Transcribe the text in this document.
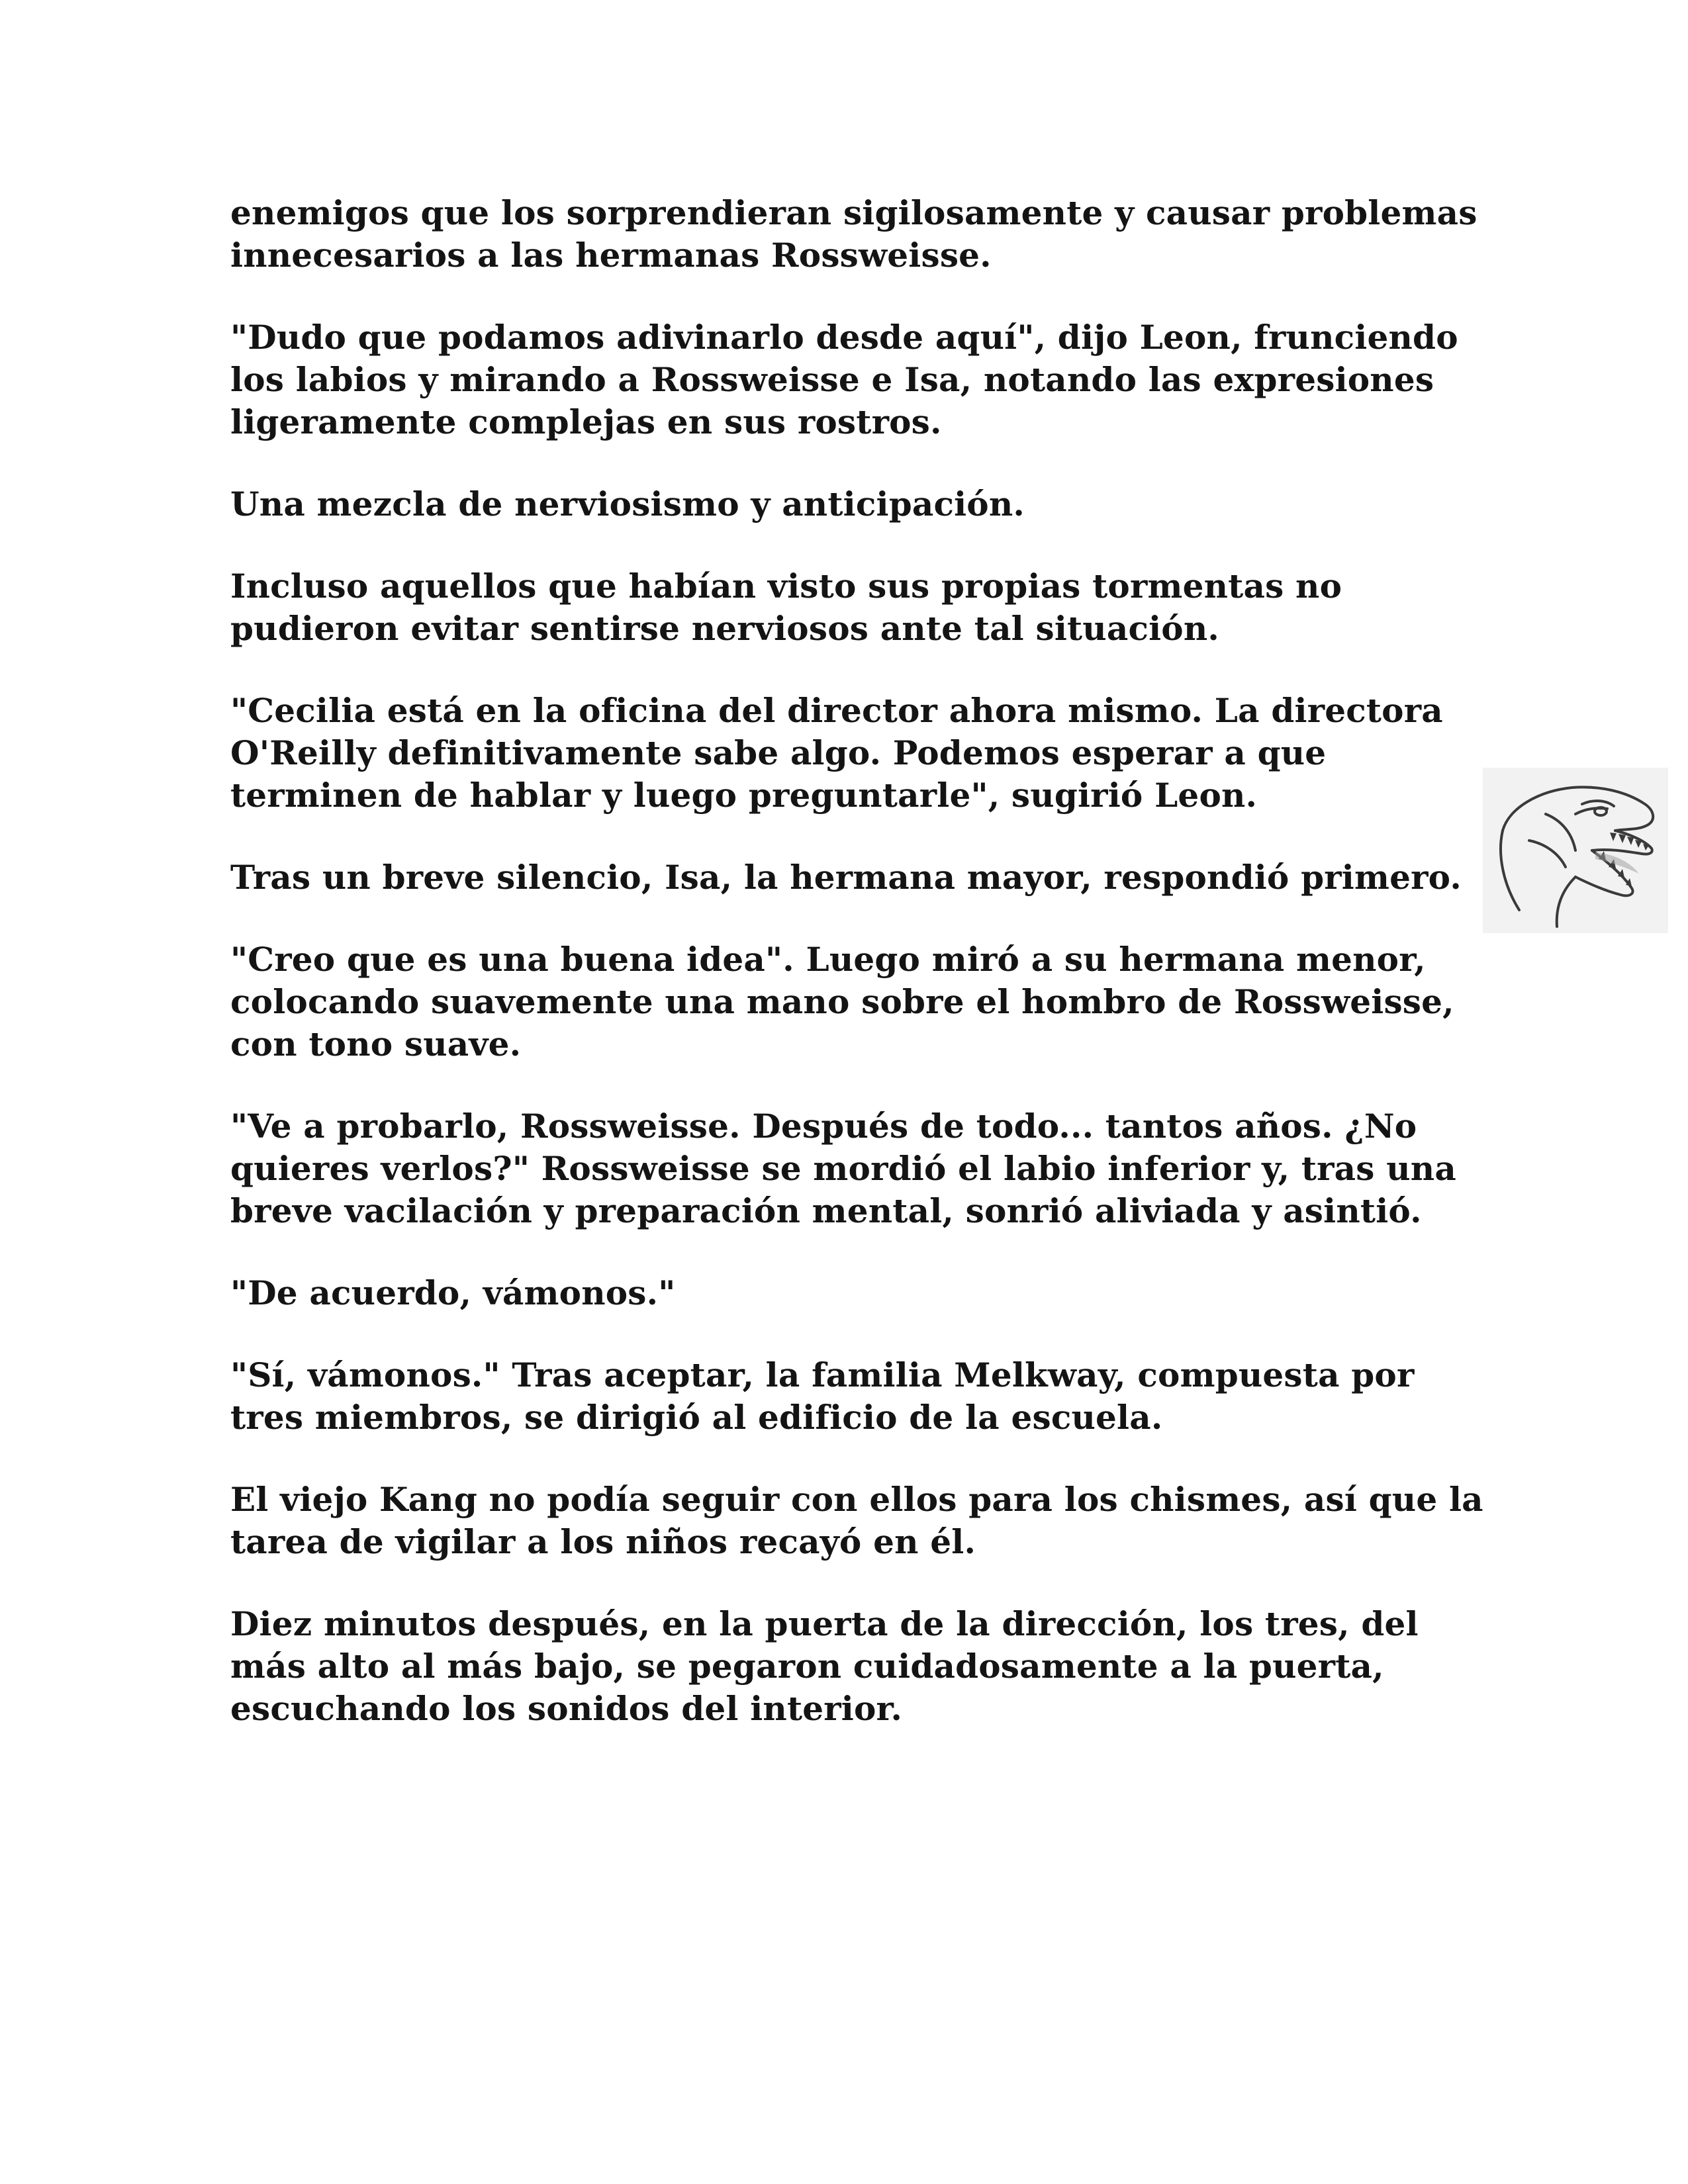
enemigos que los sorprendieran sigilosamente y causar problemas innecesarios a las hermanas Rossweisse.

"Dudo que podamos adivinarlo desde aquí", dijo Leon, frunciendo los labios y mirando a Rossweisse e Isa, notando las expresiones ligeramente complejas en sus rostros.

Una mezcla de nerviosismo y anticipación.

Incluso aquellos que habían visto sus propias tormentas no pudieron evitar sentirse nerviosos ante tal situación.

"Cecilia está en la oficina del director ahora mismo. La directora O'Reilly definitivamente sabe algo. Podemos esperar a que terminen de hablar y luego preguntarle", sugirió Leon.

Tras un breve silencio, Isa, la hermana mayor, respondió primero.

"Creo que es una buena idea". Luego miró a su hermana menor, colocando suavemente una mano sobre el hombro de Rossweisse, con tono suave.

"Ve a probarlo, Rossweisse. Después de todo... tantos años. ¿No quieres verlos?" Rossweisse se mordió el labio inferior y, tras una breve vacilación y preparación mental, sonrió aliviada y asintió.

"De acuerdo, vámonos."

"Sí, vámonos." Tras aceptar, la familia Melkway, compuesta por tres miembros, se dirigió al edificio de la escuela.

El viejo Kang no podía seguir con ellos para los chismes, así que la tarea de vigilar a los niños recayó en él.

Diez minutos después, en la puerta de la dirección, los tres, del más alto al más bajo, se pegaron cuidadosamente a la puerta, escuchando los sonidos del interior.
